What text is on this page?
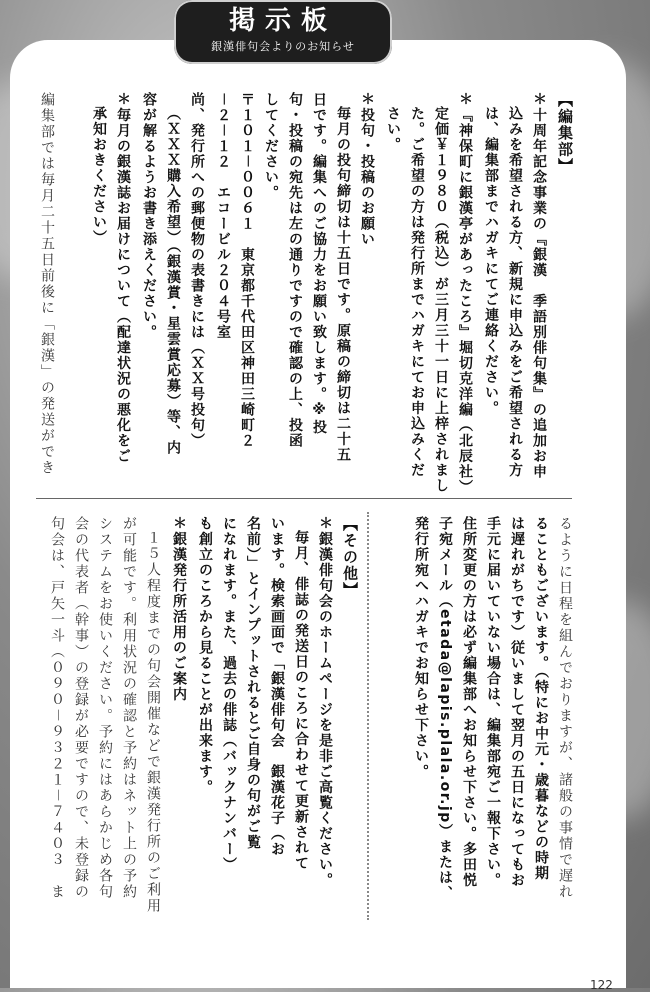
掲示板
銀漢俳句会よりのお知らせ
【編集部】
＊十周年記念事業の『銀漢　季語別俳句集』の追加お申
込みを希望される方、新規に申込みをご希望される方
は、編集部までハガキにてご連絡ください。
＊『神保町に銀漢亭があったころ』堀切克洋編（北辰社）
定価￥１９８０（税込）が三月三十一日に上梓されまし
た。ご希望の方は発行所までハガキにてお申込みくだ
さい。
＊投句・投稿のお願い
毎月の投句締切は十五日です。原稿の締切は二十五
日です。編集へのご協力をお願い致します。※投
句・投稿の宛先は左の通りですので確認の上、投函
してください。
〒１０１－００６１　東京都千代田区神田三崎町２
－２－１２　エコービル２０４号室
尚、発行所への郵便物の表書きには（ＸＸ号投句）
（ＸＸＸ購入希望）（銀漢賞・星雲賞応募）等、内
容が解るようお書き添えください。
＊毎月の銀漢誌お届けについて（配達状況の悪化をご
承知おきください）
編集部では毎月二十五日前後に「銀漢」の発送ができ
るように日程を組んでおりますが、諸般の事情で遅れ
ることもございます。（特にお中元・歳暮などの時期
は遅れがちです）従いまして翌月の五日になってもお
手元に届いていない場合は、編集部宛ご一報下さい。
住所変更の方は必ず編集部へお知らせ下さい。多田悦
子宛メール（etada@lapis.plala.or.jp）または、
発行所宛へハガキでお知らせ下さい。
【その他】
＊銀漢俳句会のホームページを是非ご高覧ください。
毎月、俳誌の発送日のころに合わせて更新されて
います。検索画面で「銀漢俳句会　銀漢花子（お
名前）」とインプットされるとご自身の句がご覧
になれます。また、過去の俳誌（バックナンバー）
も創立のころから見ることが出来ます。
＊銀漢発行所活用のご案内
１５人程度までの句会開催などで銀漢発行所のご利用
が可能です。利用状況の確認と予約はネット上の予約
システムをお使いください。予約にはあらかじめ各句
会の代表者（幹事）の登録が必要ですので、未登録の
句会は、戸矢一斗（０９０－９３２１－７４０３　ま
122
